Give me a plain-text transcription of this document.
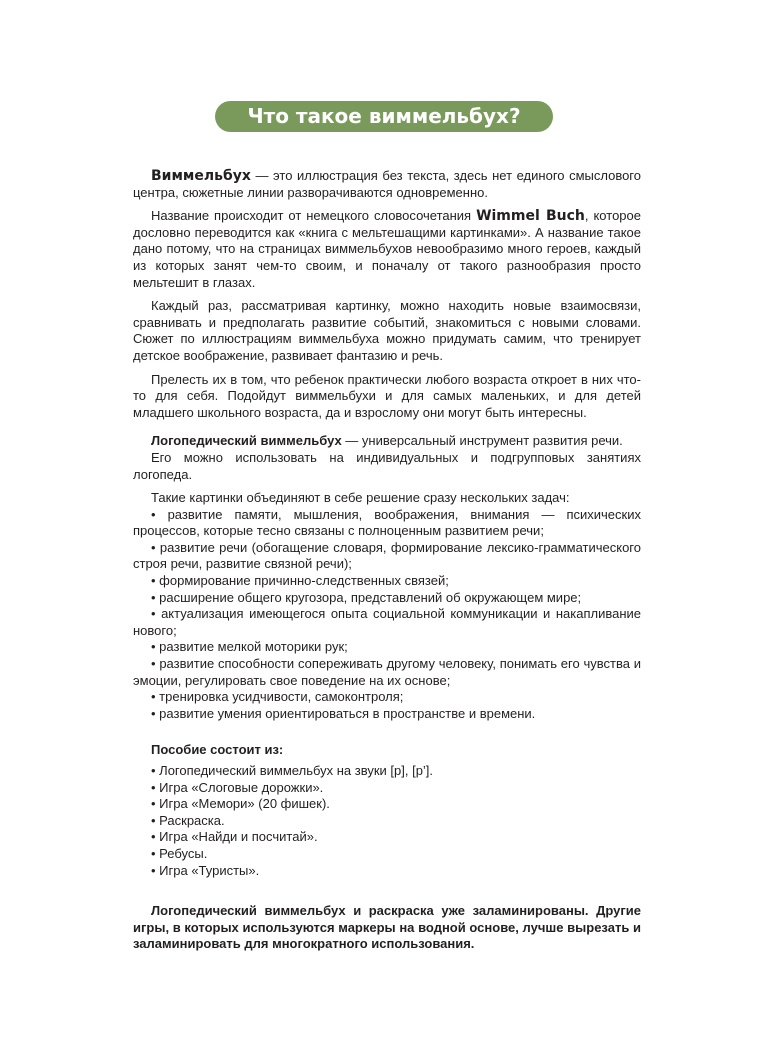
Что такое виммельбух?

Виммельбух — это иллюстрация без текста, здесь нет единого смыслового центра, сюжетные линии разворачиваются одновременно.

Название происходит от немецкого словосочетания Wimmel Buch, которое дословно переводится как «книга с мельтешащими картинками». А название такое дано потому, что на страницах виммельбухов невообразимо много героев, каждый из которых занят чем-то своим, и поначалу от такого разнообразия просто мельтешит в глазах.

Каждый раз, рассматривая картинку, можно находить новые взаимосвязи, сравнивать и предполагать развитие событий, знакомиться с новыми словами. Сюжет по иллюстрациям виммельбуха можно придумать самим, что тренирует детское воображение, развивает фантазию и речь.

Прелесть их в том, что ребенок практически любого возраста откроет в них что-то для себя. Подойдут виммельбухи и для самых маленьких, и для детей младшего школьного возраста, да и взрослому они могут быть интересны.

Логопедический виммельбух — универсальный инструмент развития речи.

Его можно использовать на индивидуальных и подгрупповых занятиях логопеда.

Такие картинки объединяют в себе решение сразу нескольких задач:

• развитие памяти, мышления, воображения, внимания — психических процессов, которые тесно связаны с полноценным развитием речи;

• развитие речи (обогащение словаря, формирование лексико-грамматического строя речи, развитие связной речи);

• формирование причинно-следственных связей;

• расширение общего кругозора, представлений об окружающем мире;

• актуализация имеющегося опыта социальной коммуникации и накапливание нового;

• развитие мелкой моторики рук;

• развитие способности сопереживать другому человеку, понимать его чувства и эмоции, регулировать свое поведение на их основе;

• тренировка усидчивости, самоконтроля;

• развитие умения ориентироваться в пространстве и времени.

Пособие состоит из:

• Логопедический виммельбух на звуки [р], [р’].

• Игра «Слоговые дорожки».

• Игра «Мемори» (20 фишек).

• Раскраска.

• Игра «Найди и посчитай».

• Ребусы.

• Игра «Туристы».

Логопедический виммельбух и раскраска уже заламинированы. Другие игры, в которых используются маркеры на водной основе, лучше вырезать и заламинировать для многократного использования.
